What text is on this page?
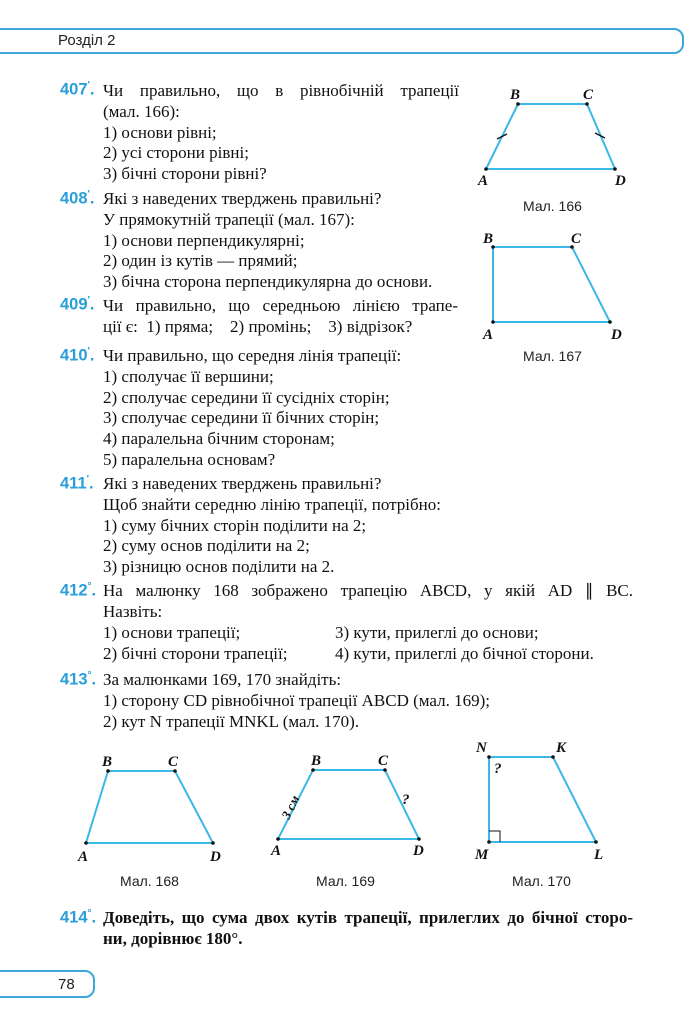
Розділ 2
407'. Чи правильно, що в рівнобічній трапеції
(мал. 166):
1) основи рівні;
2) усі сторони рівні;
3) бічні сторони рівні?
408'. Які з наведених тверджень правильні?
У прямокутній трапеції (мал. 167):
1) основи перпендикулярні;
2) один із кутів — прямий;
3) бічна сторона перпендикулярна до основи.
409'. Чи правильно, що середньою лінією трапе-
ції є:  1) пряма;    2) промінь;    3) відрізок?
410'. Чи правильно, що середня лінія трапеції:
1) сполучає її вершини;
2) сполучає середини її сусідніх сторін;
3) сполучає середини її бічних сторін;
4) паралельна бічним сторонам;
5) паралельна основам?
411'. Які з наведених тверджень правильні?
Щоб знайти середню лінію трапеції, потрібно:
1) суму бічних сторін поділити на 2;
2) суму основ поділити на 2;
3) різницю основ поділити на 2.
412°. На малюнку 168 зображено трапецію ABCD, у якій AD ∥ BC.
Назвіть:
1) основи трапеції;
2) бічні сторони трапеції;
3) кути, прилеглі до основи;
4) кути, прилеглі до бічної сторони.
413°. За малюнками 169, 170 знайдіть:
1) сторону CD рівнобічної трапеції ABCD (мал. 169);
2) кут N трапеції MNKL (мал. 170).
414°. Доведіть, що сума двох кутів трапеції, прилеглих до бічної сторо-
ни, дорівнює 180°.
B	C
A	D
Мал. 166
B	C
A	D
Мал. 167
B	C
A	D
Мал. 168
B	C
A	D
3 см	?
Мал. 169
N	K
M	L
?
Мал. 170
78
